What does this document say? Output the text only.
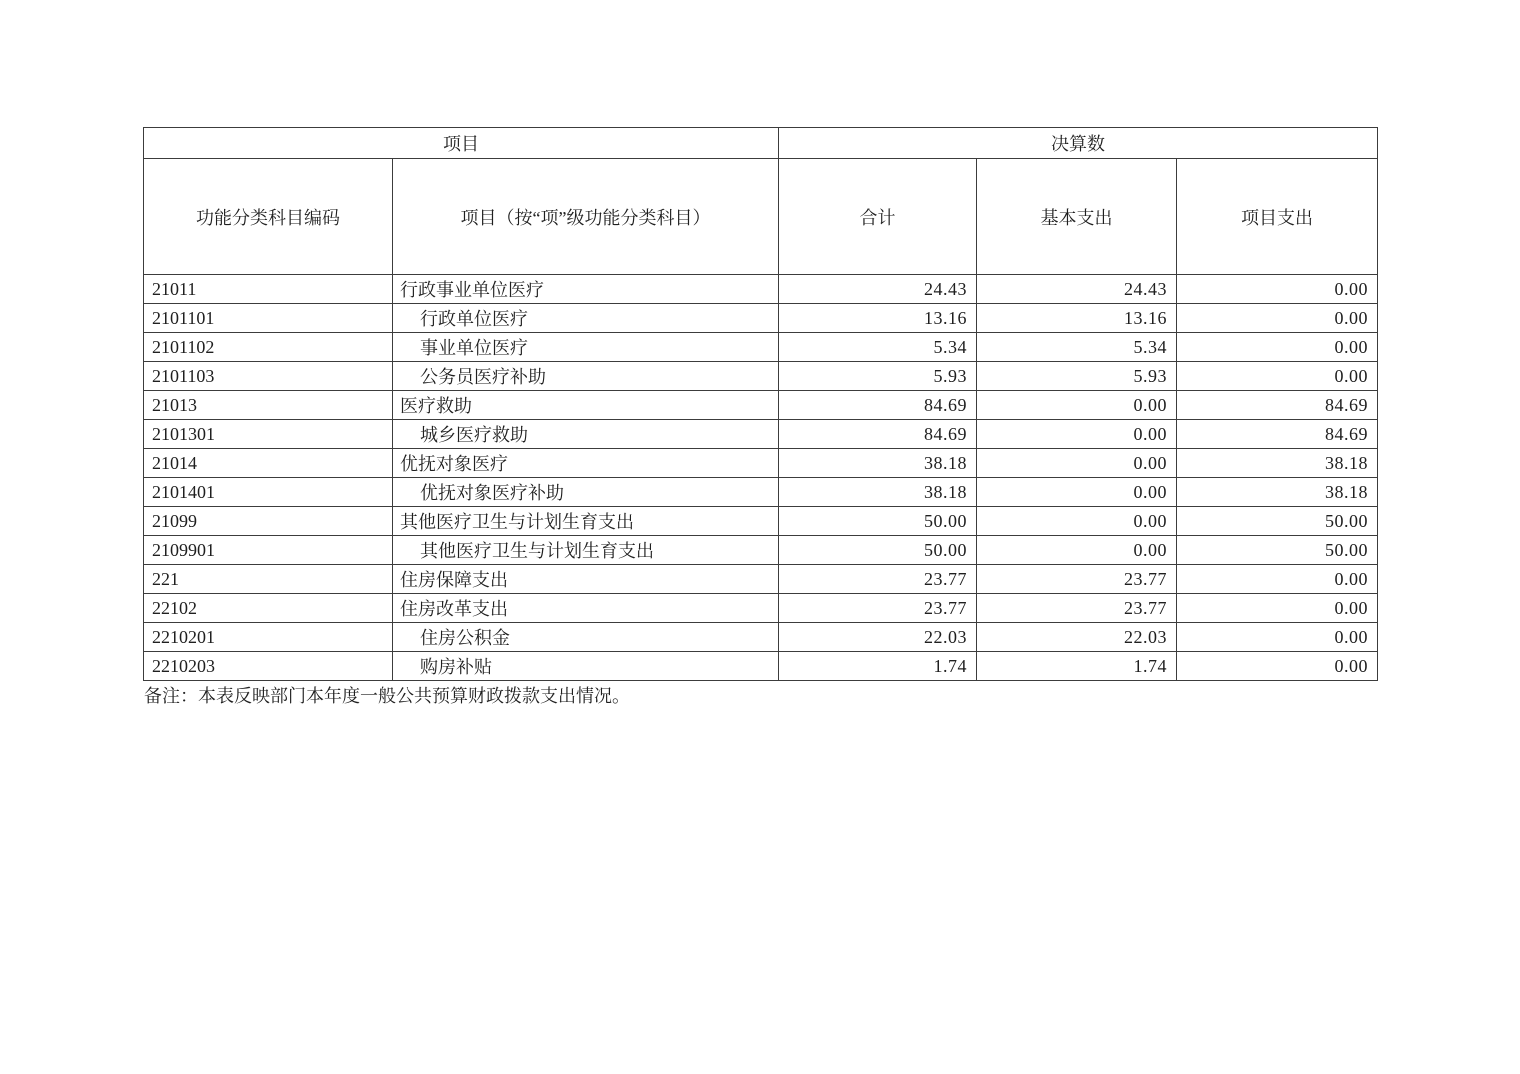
项目		决算数		
功能分类科目编码	项目（按“项”级功能分类科目）	合计	基本支出	项目支出
21011	行政事业单位医疗	24.43	24.43	0.00
2101101	行政单位医疗	13.16	13.16	0.00
2101102	事业单位医疗	5.34	5.34	0.00
2101103	公务员医疗补助	5.93	5.93	0.00
21013	医疗救助	84.69	0.00	84.69
2101301	城乡医疗救助	84.69	0.00	84.69
21014	优抚对象医疗	38.18	0.00	38.18
2101401	优抚对象医疗补助	38.18	0.00	38.18
21099	其他医疗卫生与计划生育支出	50.00	0.00	50.00
2109901	其他医疗卫生与计划生育支出	50.00	0.00	50.00
221	住房保障支出	23.77	23.77	0.00
22102	住房改革支出	23.77	23.77	0.00
2210201	住房公积金	22.03	22.03	0.00
2210203	购房补贴	1.74	1.74	0.00
备注：本表反映部门本年度一般公共预算财政拨款支出情况。
